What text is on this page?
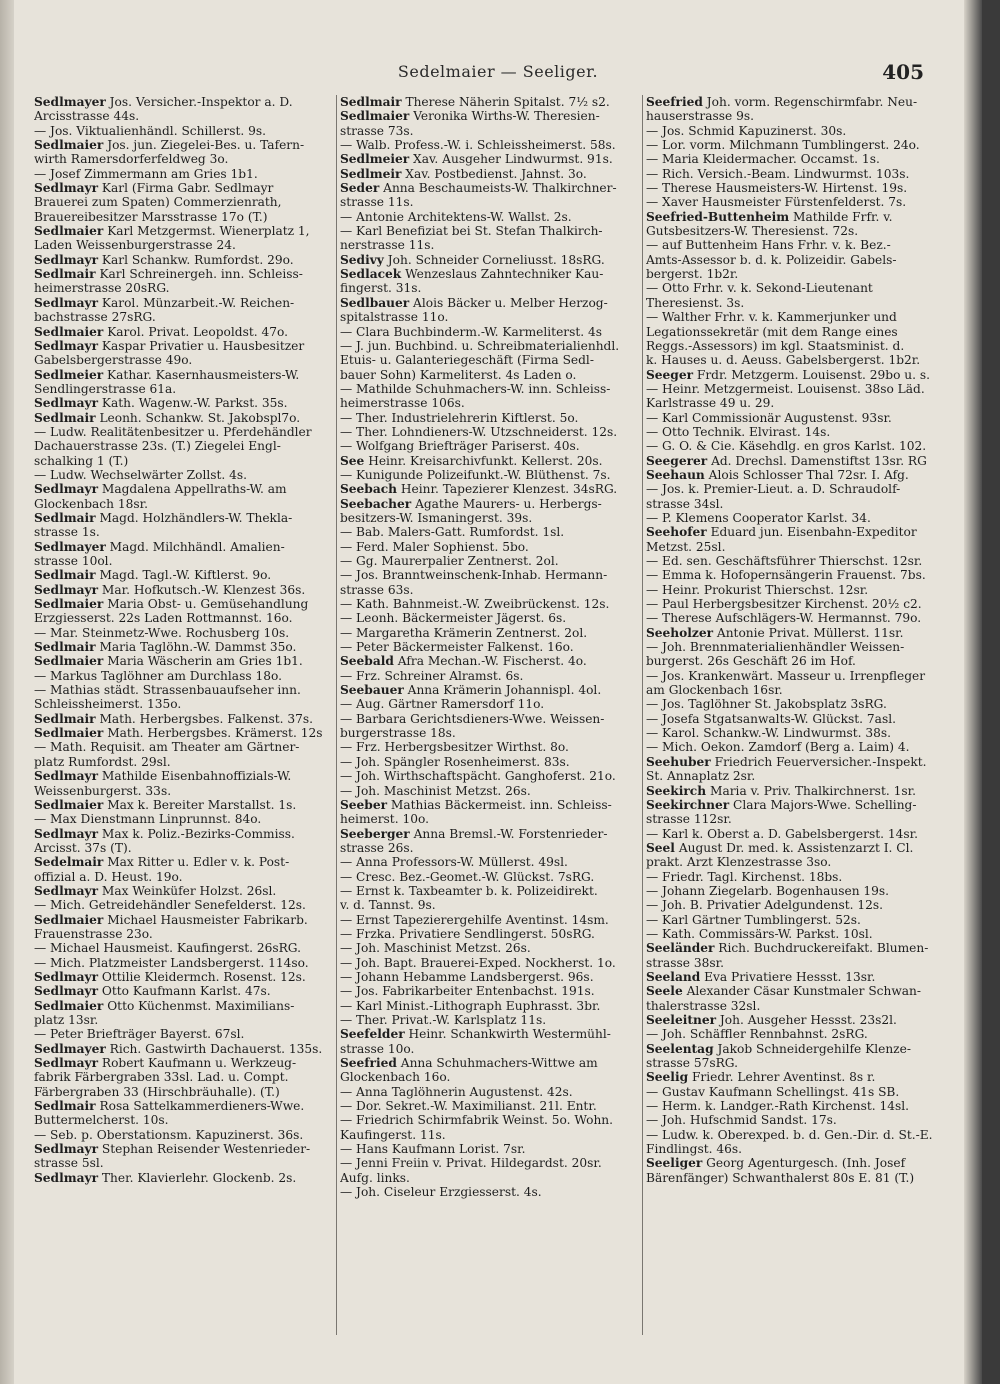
Sedelmaier — Seeliger.	405
Sedlmayer Jos. Versicher.-Inspektor a. D.
Arcisstrasse 44s.
— Jos. Viktualienhändl. Schillerst. 9s.
Sedlmaier Jos. jun. Ziegelei-Bes. u. Tafern-
wirth Ramersdorferfeldweg 3o.
— Josef Zimmermann am Gries 1b1.
Sedlmayr Karl (Firma Gabr. Sedlmayr
Brauerei zum Spaten) Commerzienrath,
Brauereibesitzer Marsstrasse 17o (T.)
Sedlmaier Karl Metzgermst. Wienerplatz 1,
Laden Weissenburgerstrasse 24.
Sedlmayr Karl Schankw. Rumfordst. 29o.
Sedlmair Karl Schreinergeh. inn. Schleiss-
heimerstrasse 20sRG.
Sedlmayr Karol. Münzarbeit.-W. Reichen-
bachstrasse 27sRG.
Sedlmaier Karol. Privat. Leopoldst. 47o.
Sedlmayr Kaspar Privatier u. Hausbesitzer
Gabelsbergerstrasse 49o.
Sedlmeier Kathar. Kasernhausmeisters-W.
Sendlingerstrasse 61a.
Sedlmayr Kath. Wagenw.-W. Parkst. 35s.
Sedlmair Leonh. Schankw. St. Jakobspl7o.
— Ludw. Realitätenbesitzer u. Pferdehändler
Dachauerstrasse 23s. (T.) Ziegelei Engl-
schalking 1 (T.)
— Ludw. Wechselwärter Zollst. 4s.
Sedlmayr Magdalena Appellraths-W. am
Glockenbach 18sr.
Sedlmair Magd. Holzhändlers-W. Thekla-
strasse 1s.
Sedlmayer Magd. Milchhändl. Amalien-
strasse 10ol.
Sedlmair Magd. Tagl.-W. Kiftlerst. 9o.
Sedlmayr Mar. Hofkutsch.-W. Klenzest 36s.
Sedlmaier Maria Obst- u. Gemüsehandlung
Erzgiesserst. 22s Laden Rottmannst. 16o.
— Mar. Steinmetz-Wwe. Rochusberg 10s.
Sedlmair Maria Taglöhn.-W. Dammst 35o.
Sedlmaier Maria Wäscherin am Gries 1b1.
— Markus Taglöhner am Durchlass 18o.
— Mathias städt. Strassenbauaufseher inn.
Schleissheimerst. 135o.
Sedlmair Math. Herbergsbes. Falkenst. 37s.
Sedlmaier Math. Herbergsbes. Krämerst. 12s
— Math. Requisit. am Theater am Gärtner-
platz Rumfordst. 29sl.
Sedlmayr Mathilde Eisenbahnoffizials-W.
Weissenburgerst. 33s.
Sedlmaier Max k. Bereiter Marstallst. 1s.
— Max Dienstmann Linprunnst. 84o.
Sedlmayr Max k. Poliz.-Bezirks-Commiss.
Arcisst. 37s (T).
Sedelmair Max Ritter u. Edler v. k. Post-
offizial a. D. Heust. 19o.
Sedlmayr Max Weinküfer Holzst. 26sl.
— Mich. Getreidehändler Senefelderst. 12s.
Sedlmaier Michael Hausmeister Fabrikarb.
Frauenstrasse 23o.
— Michael Hausmeist. Kaufingerst. 26sRG.
— Mich. Platzmeister Landsbergerst. 114so.
Sedlmayr Ottilie Kleidermch. Rosenst. 12s.
Sedlmayr Otto Kaufmann Karlst. 47s.
Sedlmaier Otto Küchenmst. Maximilians-
platz 13sr.
— Peter Briefträger Bayerst. 67sl.
Sedlmayer Rich. Gastwirth Dachauerst. 135s.
Sedlmayr Robert Kaufmann u. Werkzeug-
fabrik Färbergraben 33sl. Lad. u. Compt.
Färbergraben 33 (Hirschbräuhalle). (T.)
Sedlmair Rosa Sattelkammerdieners-Wwe.
Buttermelcherst. 10s.
— Seb. p. Oberstationsm. Kapuzinerst. 36s.
Sedlmayr Stephan Reisender Westenrieder-
strasse 5sl.
Sedlmayr Ther. Klavierlehr. Glockenb. 2s.
Sedlmair Therese Näherin Spitalst. 7½ s2.
Sedlmaier Veronika Wirths-W. Theresien-
strasse 73s.
— Walb. Profess.-W. i. Schleissheimerst. 58s.
Sedlmeier Xav. Ausgeher Lindwurmst. 91s.
Sedlmeir Xav. Postbedienst. Jahnst. 3o.
Seder Anna Beschaumeists-W. Thalkirchner-
strasse 11s.
— Antonie Architektens-W. Wallst. 2s.
— Karl Benefiziat bei St. Stefan Thalkirch-
nerstrasse 11s.
Sedivy Joh. Schneider Corneliusst. 18sRG.
Sedlacek Wenzeslaus Zahntechniker Kau-
fingerst. 31s.
Sedlbauer Alois Bäcker u. Melber Herzog-
spitalstrasse 11o.
— Clara Buchbinderm.-W. Karmeliterst. 4s
— J. jun. Buchbind. u. Schreibmaterialienhdl.
Etuis- u. Galanteriegeschäft (Firma Sedl-
bauer Sohn) Karmeliterst. 4s Laden o.
— Mathilde Schuhmachers-W. inn. Schleiss-
heimerstrasse 106s.
— Ther. Industrielehrerin Kiftlerst. 5o.
— Ther. Lohndieners-W. Utzschneiderst. 12s.
— Wolfgang Briefträger Pariserst. 40s.
See Heinr. Kreisarchivfunkt. Kellerst. 20s.
— Kunigunde Polizeifunkt.-W. Blüthenst. 7s.
Seebach Heinr. Tapezierer Klenzest. 34sRG.
Seebacher Agathe Maurers- u. Herbergs-
besitzers-W. Ismaningerst. 39s.
— Bab. Malers-Gatt. Rumfordst. 1sl.
— Ferd. Maler Sophienst. 5bo.
— Gg. Maurerpalier Zentnerst. 2ol.
— Jos. Branntweinschenk-Inhab. Hermann-
strasse 63s.
— Kath. Bahnmeist.-W. Zweibrückenst. 12s.
— Leonh. Bäckermeister Jägerst. 6s.
— Margaretha Krämerin Zentnerst. 2ol.
— Peter Bäckermeister Falkenst. 16o.
Seebald Afra Mechan.-W. Fischerst. 4o.
— Frz. Schreiner Alramst. 6s.
Seebauer Anna Krämerin Johannispl. 4ol.
— Aug. Gärtner Ramersdorf 11o.
— Barbara Gerichtsdieners-Wwe. Weissen-
burgerstrasse 18s.
— Frz. Herbergsbesitzer Wirthst. 8o.
— Joh. Spängler Rosenheimerst. 83s.
— Joh. Wirthschaftspächt. Ganghoferst. 21o.
— Joh. Maschinist Metzst. 26s.
Seeber Mathias Bäckermeist. inn. Schleiss-
heimerst. 10o.
Seeberger Anna Bremsl.-W. Forstenrieder-
strasse 26s.
— Anna Professors-W. Müllerst. 49sl.
— Cresc. Bez.-Geomet.-W. Glückst. 7sRG.
— Ernst k. Taxbeamter b. k. Polizeidirekt.
v. d. Tannst. 9s.
— Ernst Tapezierergehilfe Aventinst. 14sm.
— Frzka. Privatiere Sendlingerst. 50sRG.
— Joh. Maschinist Metzst. 26s.
— Joh. Bapt. Brauerei-Exped. Nockherst. 1o.
— Johann Hebamme Landsbergerst. 96s.
— Jos. Fabrikarbeiter Entenbachst. 191s.
— Karl Minist.-Lithograph Euphrasst. 3br.
— Ther. Privat.-W. Karlsplatz 11s.
Seefelder Heinr. Schankwirth Westermühl-
strasse 10o.
Seefried Anna Schuhmachers-Wittwe am
Glockenbach 16o.
— Anna Taglöhnerin Augustenst. 42s.
— Dor. Sekret.-W. Maximilianst. 21l. Entr.
— Friedrich Schirmfabrik Weinst. 5o. Wohn.
Kaufingerst. 11s.
— Hans Kaufmann Lorist. 7sr.
— Jenni Freiin v. Privat. Hildegardst. 20sr.
Aufg. links.
— Joh. Ciseleur Erzgiesserst. 4s.
Seefried Joh. vorm. Regenschirmfabr. Neu-
hauserstrasse 9s.
— Jos. Schmid Kapuzinerst. 30s.
— Lor. vorm. Milchmann Tumblingerst. 24o.
— Maria Kleidermacher. Occamst. 1s.
— Rich. Versich.-Beam. Lindwurmst. 103s.
— Therese Hausmeisters-W. Hirtenst. 19s.
— Xaver Hausmeister Fürstenfelderst. 7s.
Seefried-Buttenheim Mathilde Frfr. v.
Gutsbesitzers-W. Theresienst. 72s.
— auf Buttenheim Hans Frhr. v. k. Bez.-
Amts-Assessor b. d. k. Polizeidir. Gabels-
bergerst. 1b2r.
— Otto Frhr. v. k. Sekond-Lieutenant
Theresienst. 3s.
— Walther Frhr. v. k. Kammerjunker und
Legationssekretär (mit dem Range eines
Reggs.-Assessors) im kgl. Staatsminist. d.
k. Hauses u. d. Aeuss. Gabelsbergerst. 1b2r.
Seeger Frdr. Metzgerm. Louisenst. 29bo u. s.
— Heinr. Metzgermeist. Louisenst. 38so Läd.
Karlstrasse 49 u. 29.
— Karl Commissionär Augustenst. 93sr.
— Otto Technik. Elvirast. 14s.
— G. O. & Cie. Käsehdlg. en gros Karlst. 102.
Seegerer Ad. Drechsl. Damenstiftst 13sr. RG
Seehaun Alois Schlosser Thal 72sr. I. Afg.
— Jos. k. Premier-Lieut. a. D. Schraudolf-
strasse 34sl.
— P. Klemens Cooperator Karlst. 34.
Seehofer Eduard jun. Eisenbahn-Expeditor
Metzst. 25sl.
— Ed. sen. Geschäftsführer Thierschst. 12sr.
— Emma k. Hofopernsängerin Frauenst. 7bs.
— Heinr. Prokurist Thierschst. 12sr.
— Paul Herbergsbesitzer Kirchenst. 20½ c2.
— Therese Aufschlägers-W. Hermannst. 79o.
Seeholzer Antonie Privat. Müllerst. 11sr.
— Joh. Brennmaterialienhändler Weissen-
burgerst. 26s Geschäft 26 im Hof.
— Jos. Krankenwärt. Masseur u. Irrenpfleger
am Glockenbach 16sr.
— Jos. Taglöhner St. Jakobsplatz 3sRG.
— Josefa Stgatsanwalts-W. Glückst. 7asl.
— Karol. Schankw.-W. Lindwurmst. 38s.
— Mich. Oekon. Zamdorf (Berg a. Laim) 4.
Seehuber Friedrich Feuerversicher.-Inspekt.
St. Annaplatz 2sr.
Seekirch Maria v. Priv. Thalkirchnerst. 1sr.
Seekirchner Clara Majors-Wwe. Schelling-
strasse 112sr.
— Karl k. Oberst a. D. Gabelsbergerst. 14sr.
Seel August Dr. med. k. Assistenzarzt I. Cl.
prakt. Arzt Klenzestrasse 3so.
— Friedr. Tagl. Kirchenst. 18bs.
— Johann Ziegelarb. Bogenhausen 19s.
— Joh. B. Privatier Adelgundenst. 12s.
— Karl Gärtner Tumblingerst. 52s.
— Kath. Commissärs-W. Parkst. 10sl.
Seeländer Rich. Buchdruckereifakt. Blumen-
strasse 38sr.
Seeland Eva Privatiere Hessst. 13sr.
Seele Alexander Cäsar Kunstmaler Schwan-
thalerstrasse 32sl.
Seeleitner Joh. Ausgeher Hessst. 23s2l.
— Joh. Schäffler Rennbahnst. 2sRG.
Seelentag Jakob Schneidergehilfe Klenze-
strasse 57sRG.
Seelig Friedr. Lehrer Aventinst. 8s r.
— Gustav Kaufmann Schellingst. 41s SB.
— Herm. k. Landger.-Rath Kirchenst. 14sl.
— Joh. Hufschmid Sandst. 17s.
— Ludw. k. Oberexped. b. d. Gen.-Dir. d. St.-E.
Findlingst. 46s.
Seeliger Georg Agenturgesch. (Inh. Josef
Bärenfänger) Schwanthalerst 80s E. 81 (T.)
